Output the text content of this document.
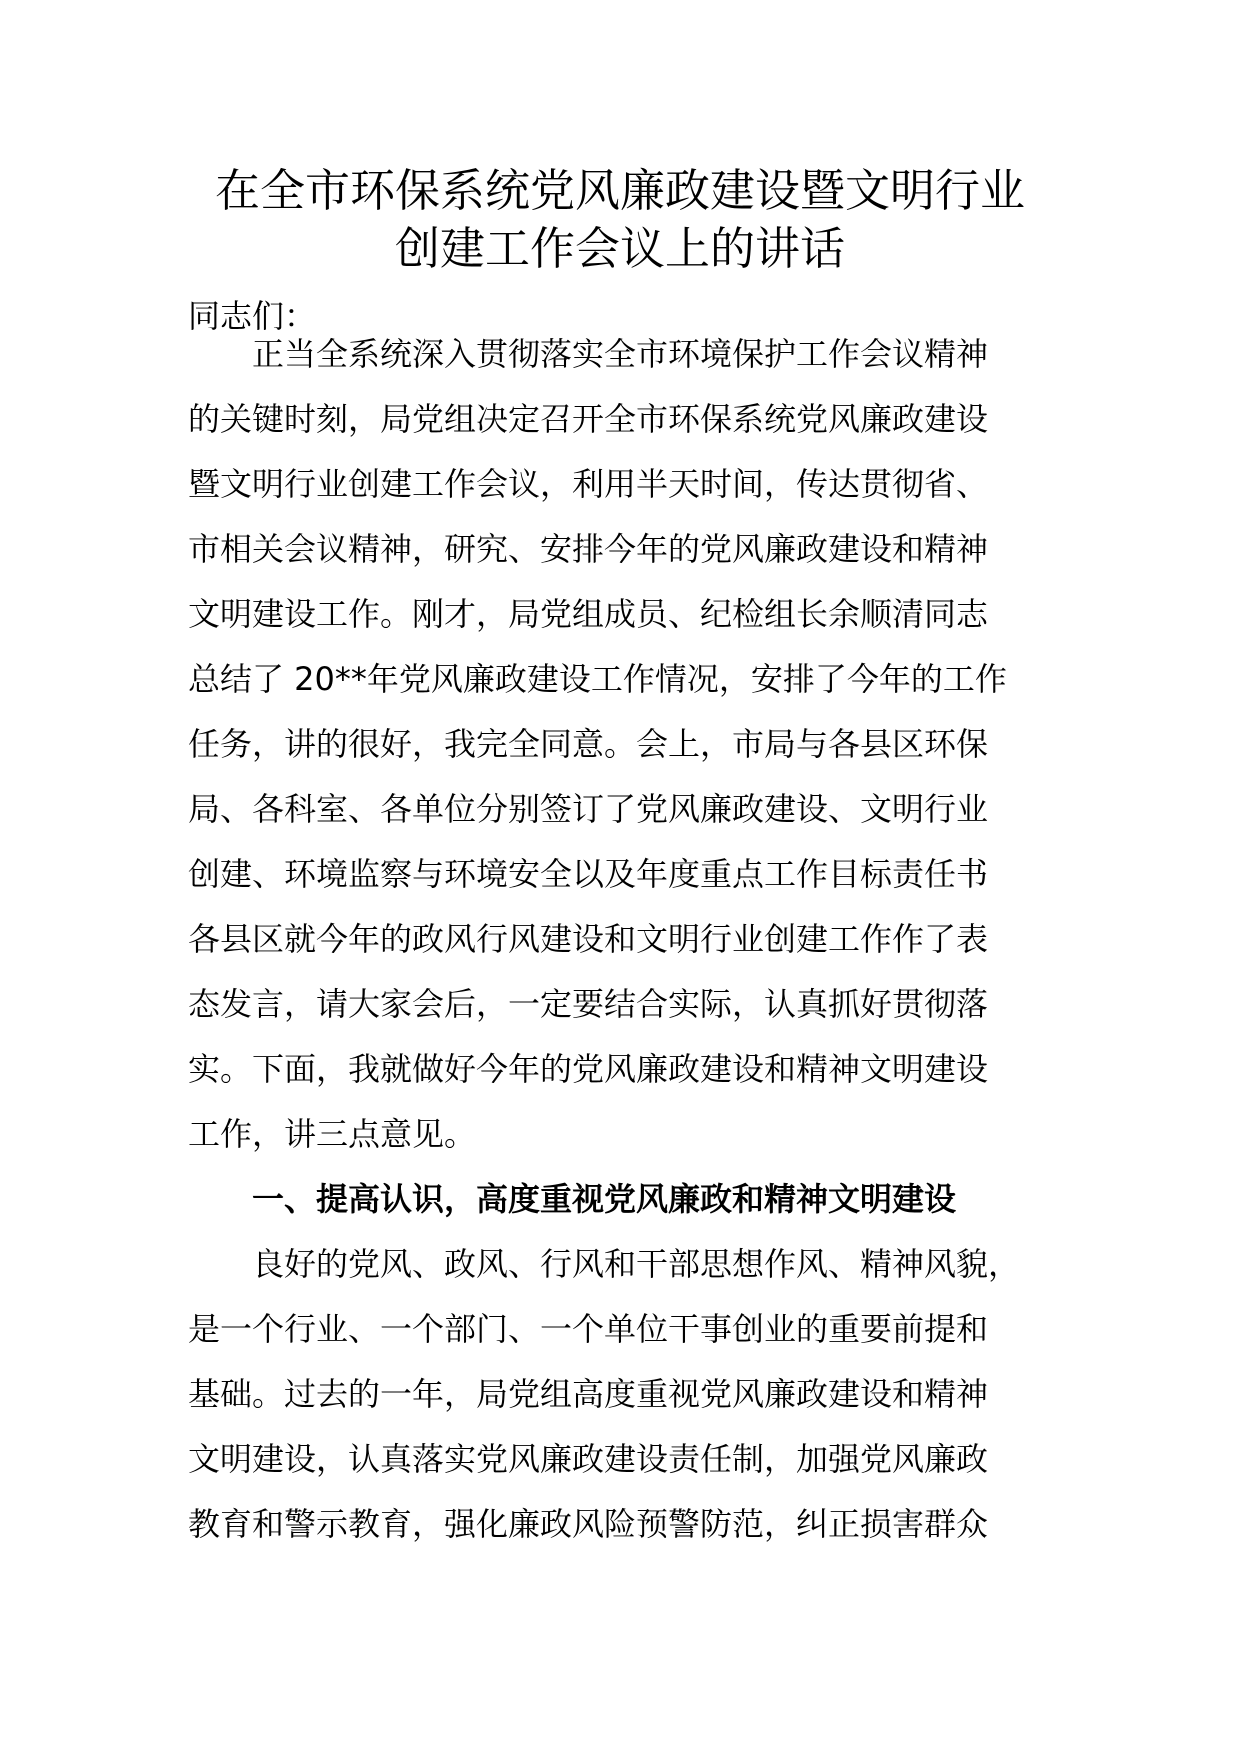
在全市环保系统党风廉政建设暨文明行业
创建工作会议上的讲话
同志们：
　　正当全系统深入贯彻落实全市环境保护工作会议精神
的关键时刻，局党组决定召开全市环保系统党风廉政建设
暨文明行业创建工作会议，利用半天时间，传达贯彻省、
市相关会议精神，研究、安排今年的党风廉政建设和精神
文明建设工作。刚才，局党组成员、纪检组长余顺清同志
总结了 20**年党风廉政建设工作情况，安排了今年的工作
任务，讲的很好，我完全同意。会上，市局与各县区环保
局、各科室、各单位分别签订了党风廉政建设、文明行业
创建、环境监察与环境安全以及年度重点工作目标责任书
各县区就今年的政风行风建设和文明行业创建工作作了表
态发言，请大家会后，一定要结合实际，认真抓好贯彻落
实。下面，我就做好今年的党风廉政建设和精神文明建设
工作，讲三点意见。
　　一、提高认识，高度重视党风廉政和精神文明建设
　　良好的党风、政风、行风和干部思想作风、精神风貌，
是一个行业、一个部门、一个单位干事创业的重要前提和
基础。过去的一年，局党组高度重视党风廉政建设和精神
文明建设，认真落实党风廉政建设责任制，加强党风廉政
教育和警示教育，强化廉政风险预警防范，纠正损害群众
